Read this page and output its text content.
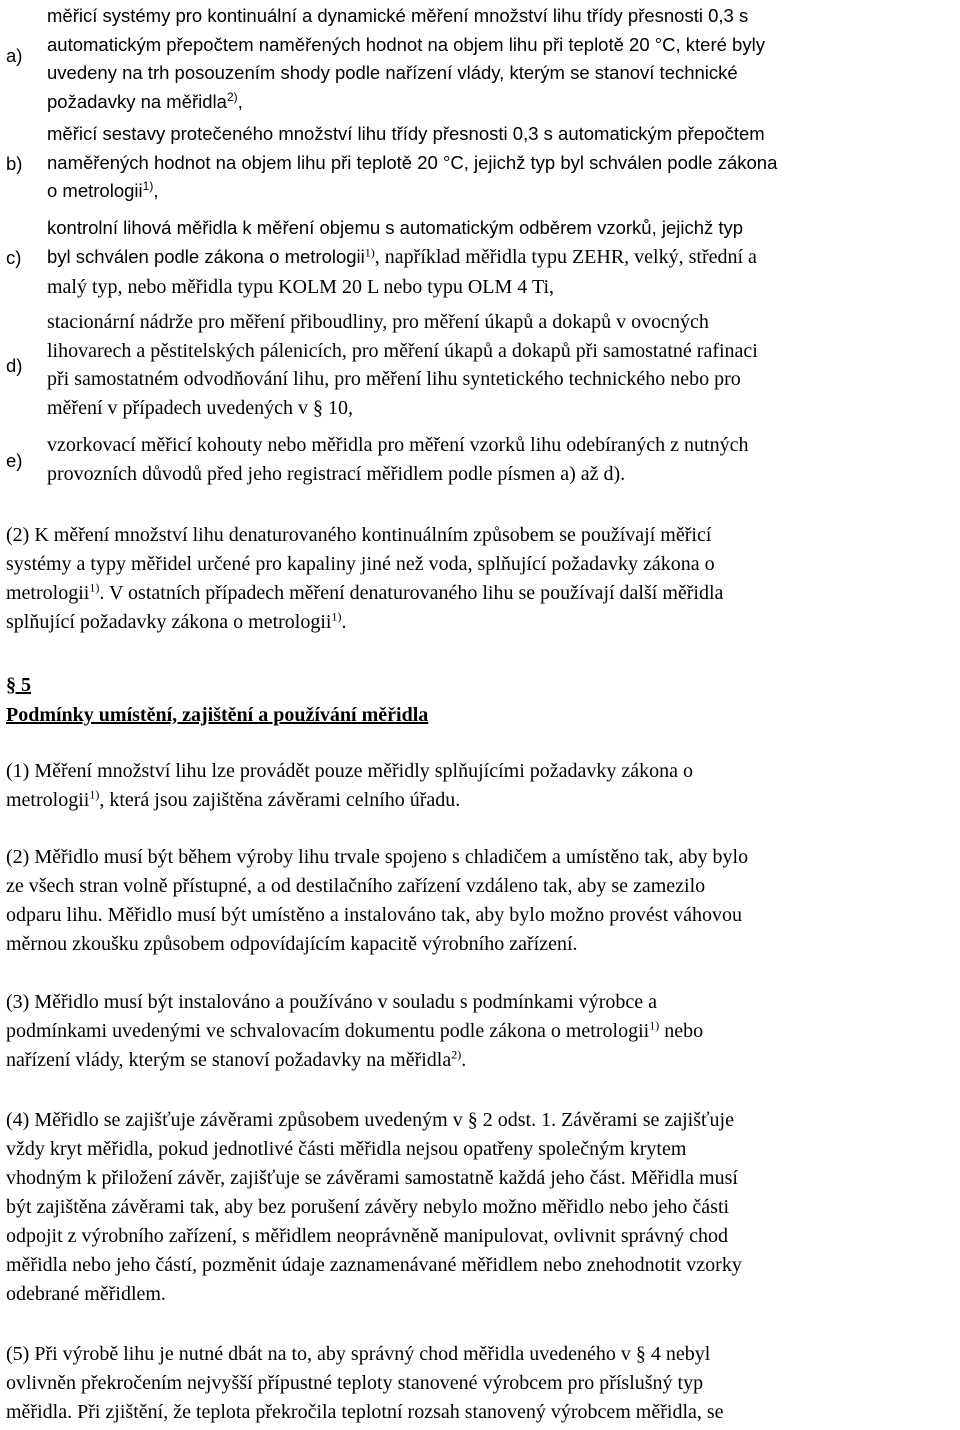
a)
měřicí systémy pro kontinuální a dynamické měření množství lihu třídy přesnosti 0,3 s
automatickým přepočtem naměřených hodnot na objem lihu při teplotě 20 °C, které byly
uvedeny na trh posouzením shody podle nařízení vlády, kterým se stanoví technické
požadavky na měřidla$^{2)}$,
b)
měřicí sestavy protečeného množství lihu třídy přesnosti 0,3 s automatickým přepočtem
naměřených hodnot na objem lihu při teplotě 20 °C, jejichž typ byl schválen podle zákona
o metrologii$^{1)}$,
c)
kontrolní lihová měřidla k měření objemu s automatickým odběrem vzorků, jejichž typ
byl schválen podle zákona o metrologii$^{1)}$, například měřidla typu ZEHR, velký, střední a
malý typ, nebo měřidla typu KOLM 20 L nebo typu OLM 4 Ti,
d)
stacionární nádrže pro měření přiboudliny, pro měření úkapů a dokapů v ovocných
lihovarech a pěstitelských pálenicích, pro měření úkapů a dokapů při samostatné rafinaci
při samostatném odvodňování lihu, pro měření lihu syntetického technického nebo pro
měření v případech uvedených v § 10,
e)
vzorkovací měřicí kohouty nebo měřidla pro měření vzorků lihu odebíraných z nutných
provozních důvodů před jeho registrací měřidlem podle písmen a) až d).
(2) K měření množství lihu denaturovaného kontinuálním způsobem se používají měřicí
systémy a typy měřidel určené pro kapaliny jiné než voda, splňující požadavky zákona o
metrologii$^{1)}$. V ostatních případech měření denaturovaného lihu se používají další měřidla
splňující požadavky zákona o metrologii$^{1)}$.
§ 5
Podmínky umístění, zajištění a používání měřidla
(1) Měření množství lihu lze provádět pouze měřidly splňujícími požadavky zákona o
metrologii$^{1)}$, která jsou zajištěna závěrami celního úřadu.
(2) Měřidlo musí být během výroby lihu trvale spojeno s chladičem a umístěno tak, aby bylo
ze všech stran volně přístupné, a od destilačního zařízení vzdáleno tak, aby se zamezilo
odparu lihu. Měřidlo musí být umístěno a instalováno tak, aby bylo možno provést váhovou
měrnou zkoušku způsobem odpovídajícím kapacitě výrobního zařízení.
(3) Měřidlo musí být instalováno a používáno v souladu s podmínkami výrobce a
podmínkami uvedenými ve schvalovacím dokumentu podle zákona o metrologii$^{1)}$ nebo
nařízení vlády, kterým se stanoví požadavky na měřidla$^{2)}$.
(4) Měřidlo se zajišťuje závěrami způsobem uvedeným v § 2 odst. 1. Závěrami se zajišťuje
vždy kryt měřidla, pokud jednotlivé části měřidla nejsou opatřeny společným krytem
vhodným k přiložení závěr, zajišťuje se závěrami samostatně každá jeho část. Měřidla musí
být zajištěna závěrami tak, aby bez porušení závěry nebylo možno měřidlo nebo jeho části
odpojit z výrobního zařízení, s měřidlem neoprávněně manipulovat, ovlivnit správný chod
měřidla nebo jeho částí, pozměnit údaje zaznamenávané měřidlem nebo znehodnotit vzorky
odebrané měřidlem.
(5) Při výrobě lihu je nutné dbát na to, aby správný chod měřidla uvedeného v § 4 nebyl
ovlivněn překročením nejvyšší přípustné teploty stanovené výrobcem pro příslušný typ
měřidla. Při zjištění, že teplota překročila teplotní rozsah stanovený výrobcem měřidla, se
